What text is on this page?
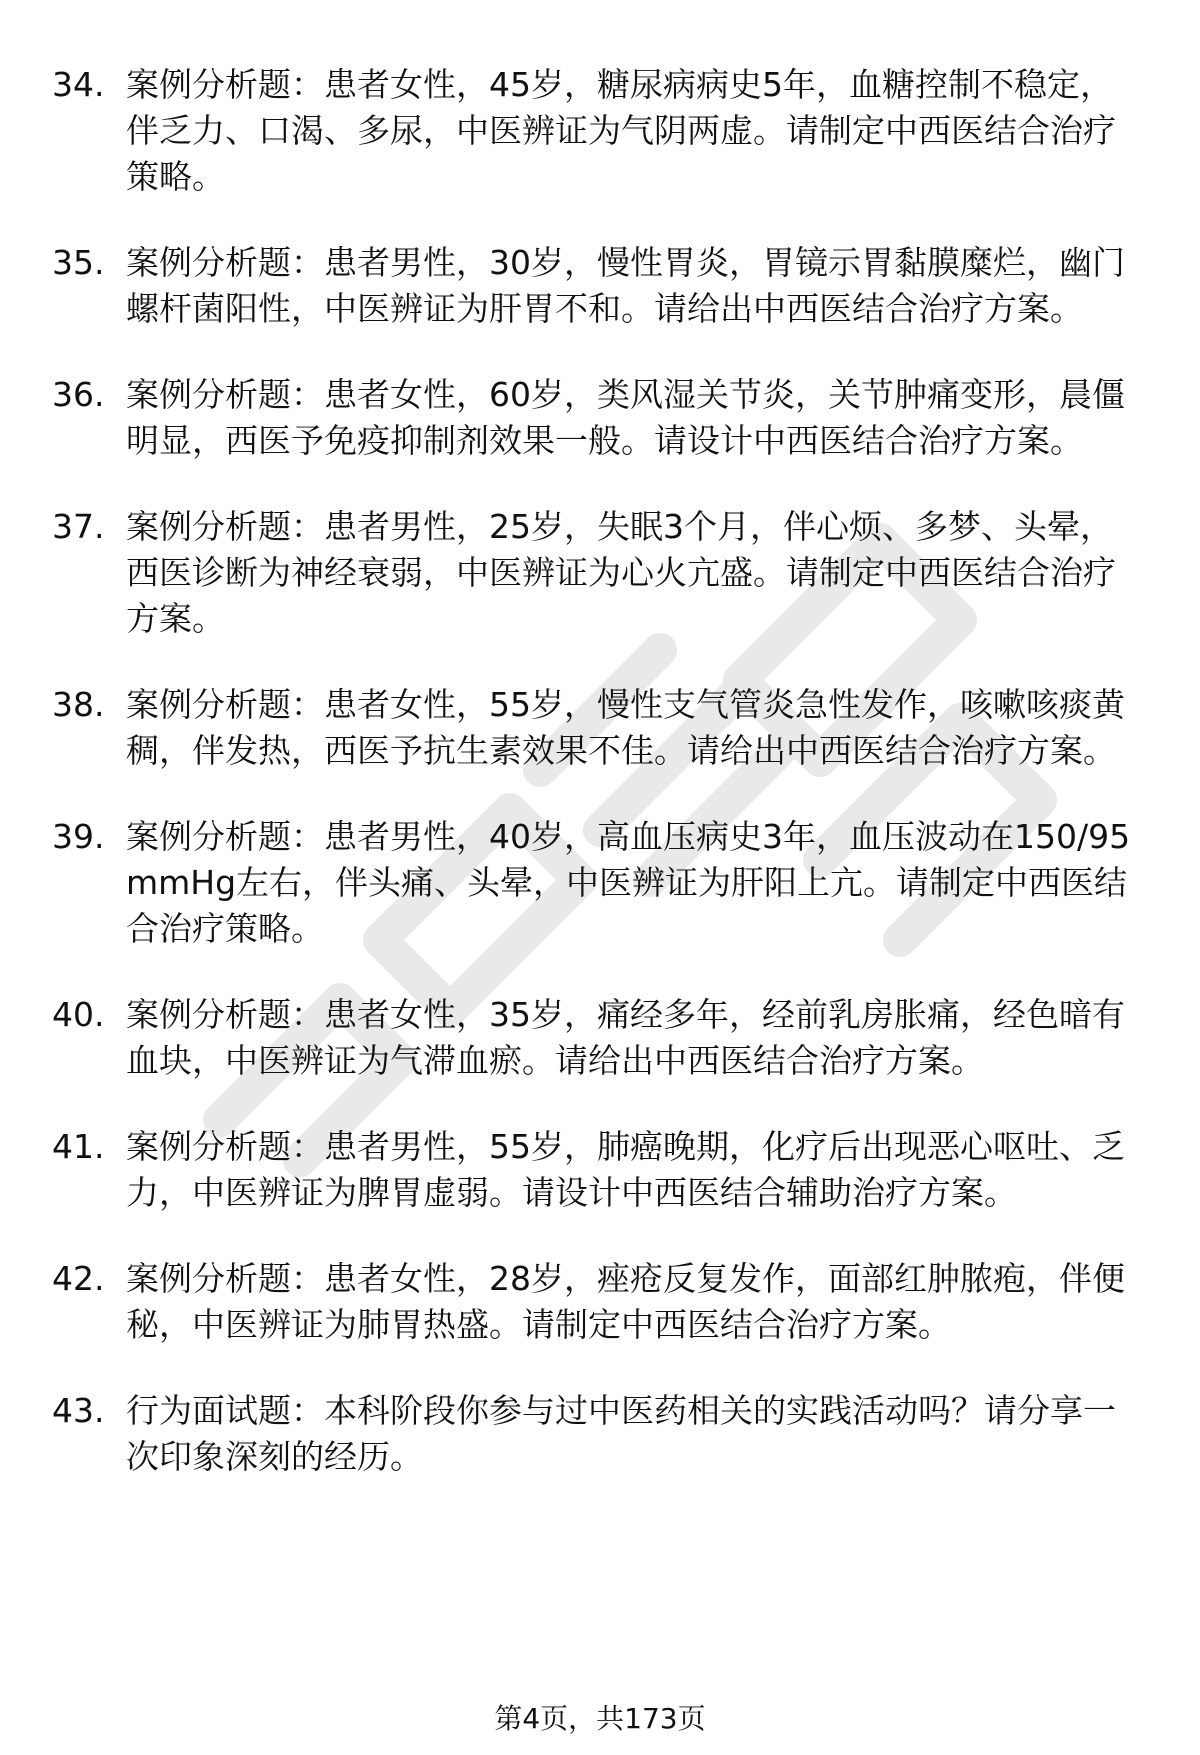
34. 案例分析题：患者女性，45岁，糖尿病病史5年，血糖控制不稳定，伴乏力、口渴、多尿，中医辨证为气阴两虚。请制定中西医结合治疗策略。
35. 案例分析题：患者男性，30岁，慢性胃炎，胃镜示胃黏膜糜烂，幽门螺杆菌阳性，中医辨证为肝胃不和。请给出中西医结合治疗方案。
36. 案例分析题：患者女性，60岁，类风湿关节炎，关节肿痛变形，晨僵明显，西医予免疫抑制剂效果一般。请设计中西医结合治疗方案。
37. 案例分析题：患者男性，25岁，失眠3个月，伴心烦、多梦、头晕，西医诊断为神经衰弱，中医辨证为心火亢盛。请制定中西医结合治疗方案。
38. 案例分析题：患者女性，55岁，慢性支气管炎急性发作，咳嗽咳痰黄稠，伴发热，西医予抗生素效果不佳。请给出中西医结合治疗方案。
39. 案例分析题：患者男性，40岁，高血压病史3年，血压波动在150/95mmHg左右，伴头痛、头晕，中医辨证为肝阳上亢。请制定中西医结合治疗策略。
40. 案例分析题：患者女性，35岁，痛经多年，经前乳房胀痛，经色暗有血块，中医辨证为气滞血瘀。请给出中西医结合治疗方案。
41. 案例分析题：患者男性，55岁，肺癌晚期，化疗后出现恶心呕吐、乏力，中医辨证为脾胃虚弱。请设计中西医结合辅助治疗方案。
42. 案例分析题：患者女性，28岁，痤疮反复发作，面部红肿脓疱，伴便秘，中医辨证为肺胃热盛。请制定中西医结合治疗方案。
43. 行为面试题：本科阶段你参与过中医药相关的实践活动吗？请分享一次印象深刻的经历。
第4页，共173页
